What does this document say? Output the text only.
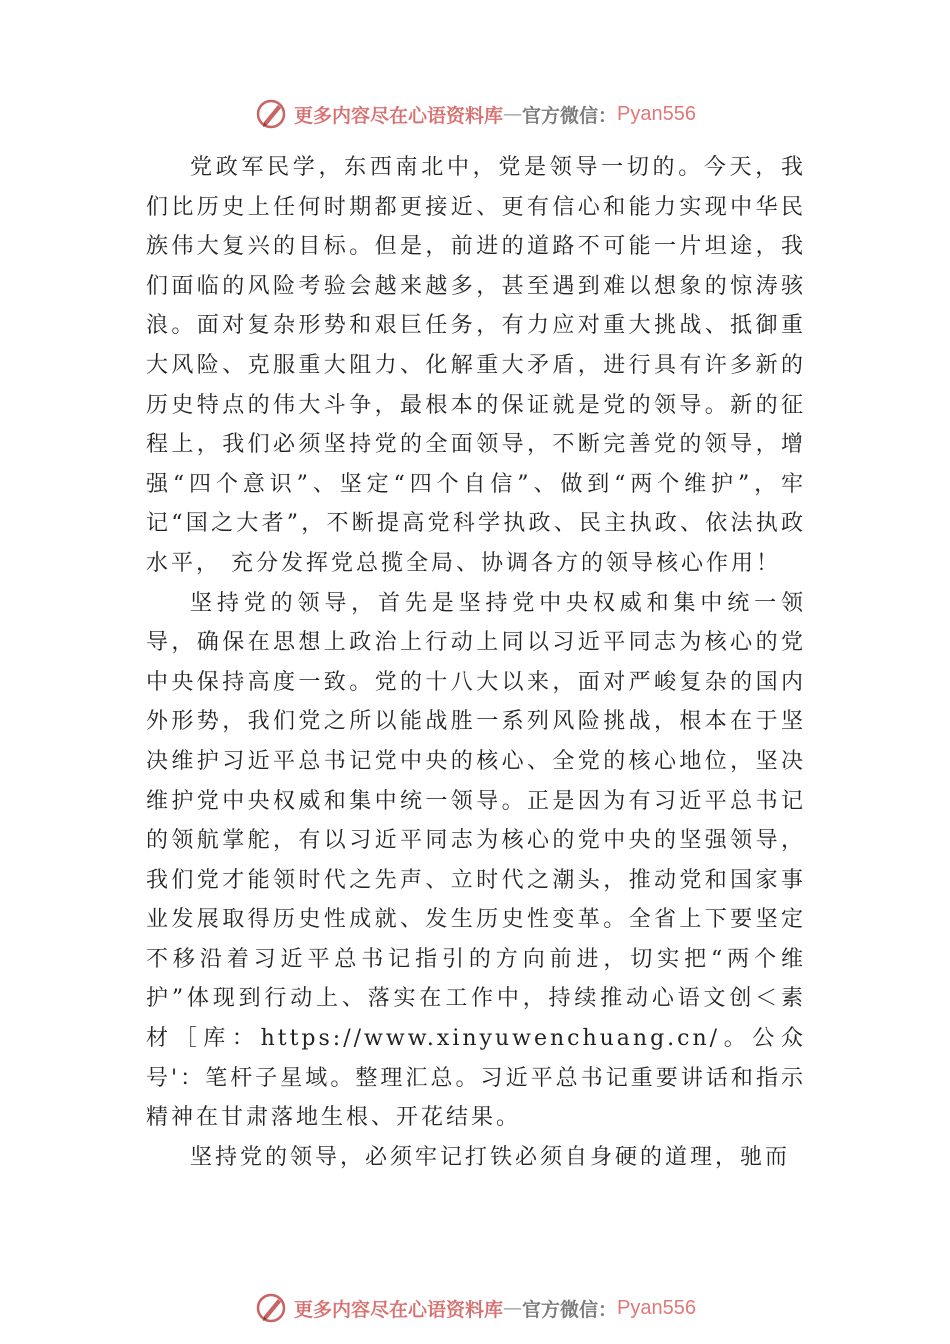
更多内容尽在心语资料库 — 官方微信： Pyan556

党政军民学，东西南北中，党是领导一切的。今天，我们比历史上任何时期都更接近、更有信心和能力实现中华民族伟大复兴的目标。但是，前进的道路不可能一片坦途，我们面临的风险考验会越来越多，甚至遇到难以想象的惊涛骇浪。面对复杂形势和艰巨任务，有力应对重大挑战、抵御重大风险、克服重大阻力、化解重大矛盾，进行具有许多新的历史特点的伟大斗争，最根本的保证就是党的领导。新的征程上，我们必须坚持党的全面领导，不断完善党的领导，增强“四个意识”、坚定“四个自信”、做到“两个维护”，牢记“国之大者”，不断提高党科学执政、民主执政、依法执政水平， 充分发挥党总揽全局、协调各方的领导核心作用！

坚持党的领导，首先是坚持党中央权威和集中统一领导，确保在思想上政治上行动上同以习近平同志为核心的党中央保持高度一致。党的十八大以来，面对严峻复杂的国内外形势，我们党之所以能战胜一系列风险挑战，根本在于坚决维护习近平总书记党中央的核心、全党的核心地位，坚决维护党中央权威和集中统一领导。正是因为有习近平总书记的领航掌舵，有以习近平同志为核心的党中央的坚强领导，我们党才能领时代之先声、立时代之潮头，推动党和国家事业发展取得历史性成就、发生历史性变革。全省上下要坚定不移沿着习近平总书记指引的方向前进，切实把“两个维护”体现到行动上、落实在工作中，持续推动心语文创＜素材［库：https://www.xinyuwenchuang.cn/。公众号'：笔杆子星域。整理汇总。习近平总书记重要讲话和指示精神在甘肃落地生根、开花结果。

坚持党的领导，必须牢记打铁必须自身硬的道理，驰而

更多内容尽在心语资料库 — 官方微信： Pyan556
